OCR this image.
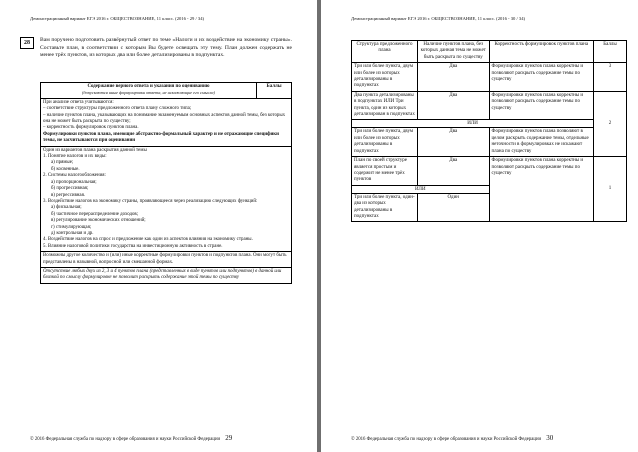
Демонстрационный вариант ЕГЭ 2016 г. ОБЩЕСТВОЗНАНИЕ, 11 класс. (2016 - 29 / 34)
28	Вам поручено подготовить развёрнутый ответ по теме «Налоги и их воздействие на экономику страны». Составьте план, в соответствии с которым Вы будете освещать эту тему. План должен содержать не менее трёх пунктов, из которых два или более детализированы в подпунктах.
Содержание верного ответа и указания по оцениванию
(допускаются иные формулировки ответа, не искажающие его смысла)
	Баллы

При анализе ответа учитываются:
– соответствие структуры предложенного ответа плану сложного типа;
– наличие пунктов плана, указывающих на понимание экзаменуемым основных аспектов данной темы, без которых она не может быть раскрыта по существу;
– корректность формулировок пунктов плана.
Формулировки пунктов плана, имеющие абстрактно-формальный характер и не отражающие специфики темы, не засчитываются при оценивании

Один из вариантов плана раскрытия данной темы
1. Понятие налогов и их виды:
а) прямые;
б) косвенные.
2. Системы налогообложения:
а) пропорциональная;
б) прогрессивная;
в) регрессивная.
3. Воздействие налогов на экономику страны, проявляющееся через реализацию следующих функций:
а) фискальная;
б) частичное перераспределение доходов;
в) регулирование экономических отношений;
г) стимулирующая;
д) контрольная и др.
4. Воздействие налогов на спрос и предложение как один из аспектов влияния на экономику страны.
5. Влияние налоговой политики государства на инвестиционную активность в стране.

Возможны другое количество и (или) иные корректные формулировки пунктов и подпунктов плана. Они могут быть представлены в назывной, вопросной или смешанной формах.
Отсутствие любых двух из 2, 3 и 4 пунктов плана (представленных в виде пунктов или подпунктов) в данной или близкой по смыслу формулировке не позволит раскрыть содержание этой темы по существу
© 2016 Федеральная служба по надзору в сфере образования и науки Российской Федерации 29
Демонстрационный вариант ЕГЭ 2016 г. ОБЩЕСТВОЗНАНИЕ, 11 класс. (2016 - 30 / 34)
Структура предложенного плана	Наличие пунктов плана, без которых данная тема не может быть раскрыта по существу	Корректность формулировок пунктов плана	Баллы
Три или более пункта, двум или более из которых детализированы в подпунктах	Два	Формулировки пунктов плана корректны и позволяют раскрыть содержание темы по существу	3
Два пункта детализированы в подпунктах ИЛИ Три пункта, один из которых детализирован в подпунктах	Два	Формулировки пунктов плана корректны и позволяют раскрыть содержание темы по существу	2
ИЛИ			
Три или более пункта, двум или более из которых детализированы в подпунктах	Два	Формулировки пунктов плана позволяют в целом раскрыть содержание темы, отдельные неточности в формулировках не искажают плана по существу	
План по своей структуре является простым и содержит не менее трёх пунктов	Два	Формулировки пунктов плана корректны и позволяют раскрыть содержание темы по существу	1
ИЛИ			
Три или более пункта, один-два из которых детализированы в подпунктах	Один		
© 2016 Федеральная служба по надзору в сфере образования и науки Российской Федерации 30
